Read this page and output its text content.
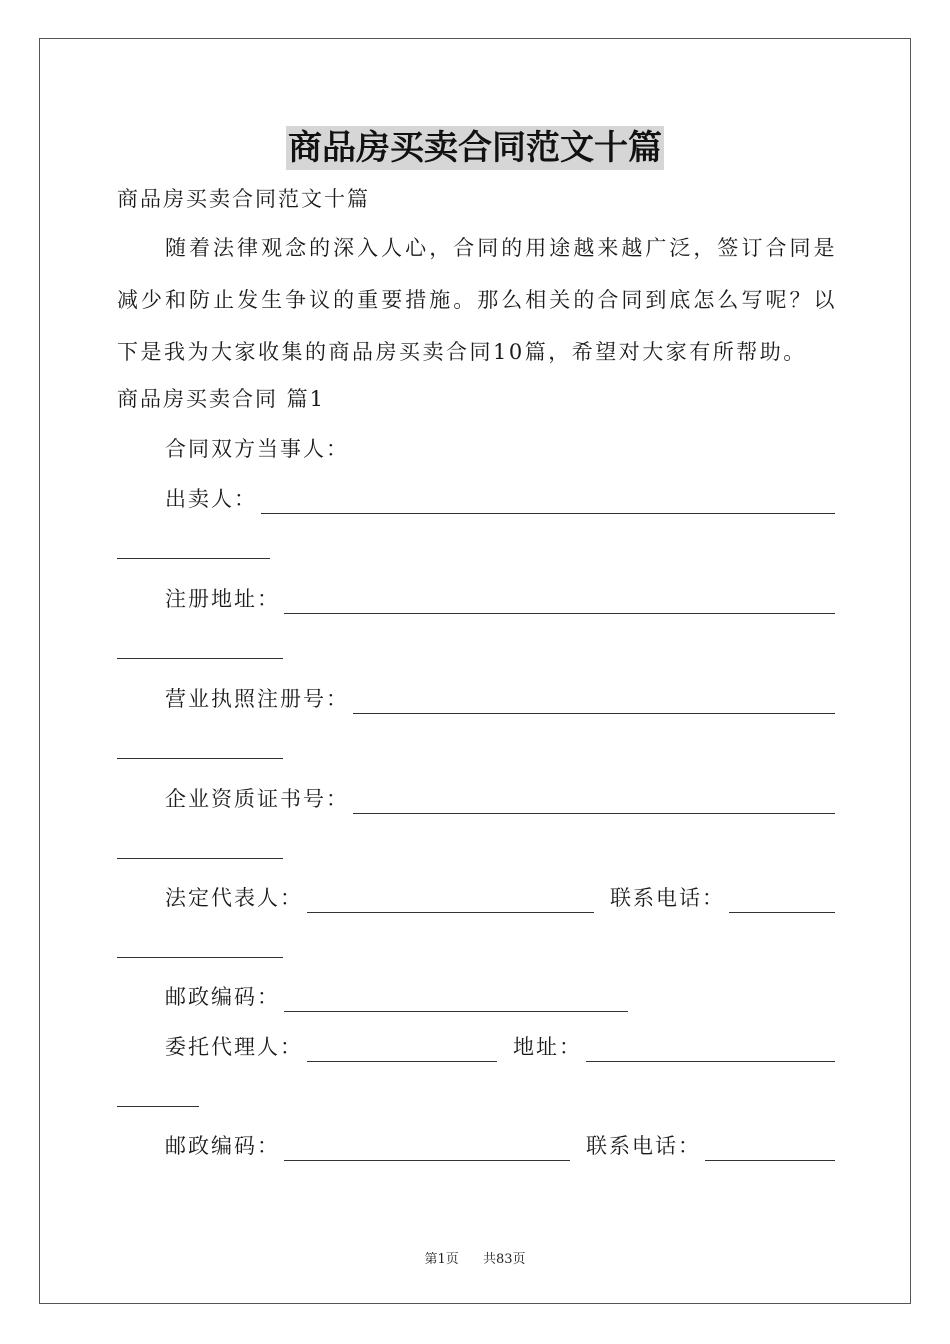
商品房买卖合同范文十篇
商品房买卖合同范文十篇
随着法律观念的深入人心，合同的用途越来越广泛，签订合同是减少和防止发生争议的重要措施。那么相关的合同到底怎么写呢？以下是我为大家收集的商品房买卖合同10篇，希望对大家有所帮助。
商品房买卖合同 篇1
合同双方当事人：
出卖人：
注册地址：
营业执照注册号：
企业资质证书号：
法定代表人：	联系电话：
邮政编码：
委托代理人：	地址：
邮政编码：	联系电话：
第1页 共83页
